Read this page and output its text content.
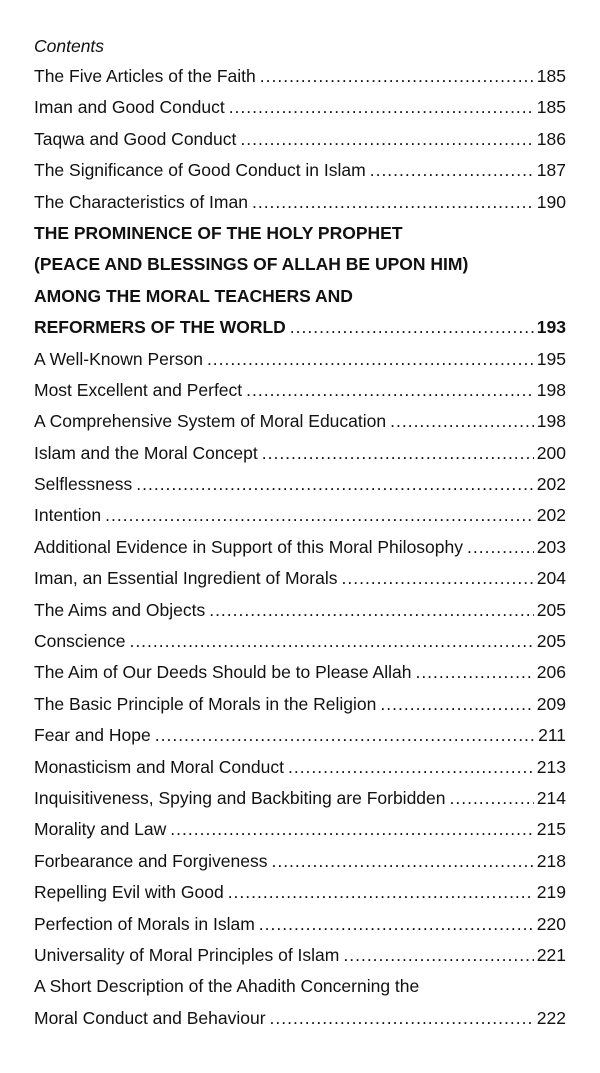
Contents
The Five Articles of the Faith .....	185
Iman and Good Conduct .....	185
Taqwa and Good Conduct .....	186
The Significance of Good Conduct in Islam .....	187
The Characteristics of Iman .....	190
THE PROMINENCE OF THE HOLY PROPHET
(PEACE AND BLESSINGS OF ALLAH BE UPON HIM)
AMONG THE MORAL TEACHERS AND
REFORMERS OF THE WORLD .....	193
A Well-Known Person .....	195
Most Excellent and Perfect .....	198
A Comprehensive System of Moral Education .....	198
Islam and the Moral Concept .....	200
Selflessness .....	202
Intention .....	202
Additional Evidence in Support of this Moral Philosophy .....	203
Iman, an Essential Ingredient of Morals .....	204
The Aims and Objects .....	205
Conscience .....	205
The Aim of Our Deeds Should be to Please Allah .....	206
The Basic Principle of Morals in the Religion .....	209
Fear and Hope .....	211
Monasticism and Moral Conduct .....	213
Inquisitiveness, Spying and Backbiting are Forbidden .....	214
Morality and Law .....	215
Forbearance and Forgiveness .....	218
Repelling Evil with Good .....	219
Perfection of Morals in Islam .....	220
Universality of Moral Principles of Islam .....	221
A Short Description of the Ahadith Concerning the
Moral Conduct and Behaviour .....	222
